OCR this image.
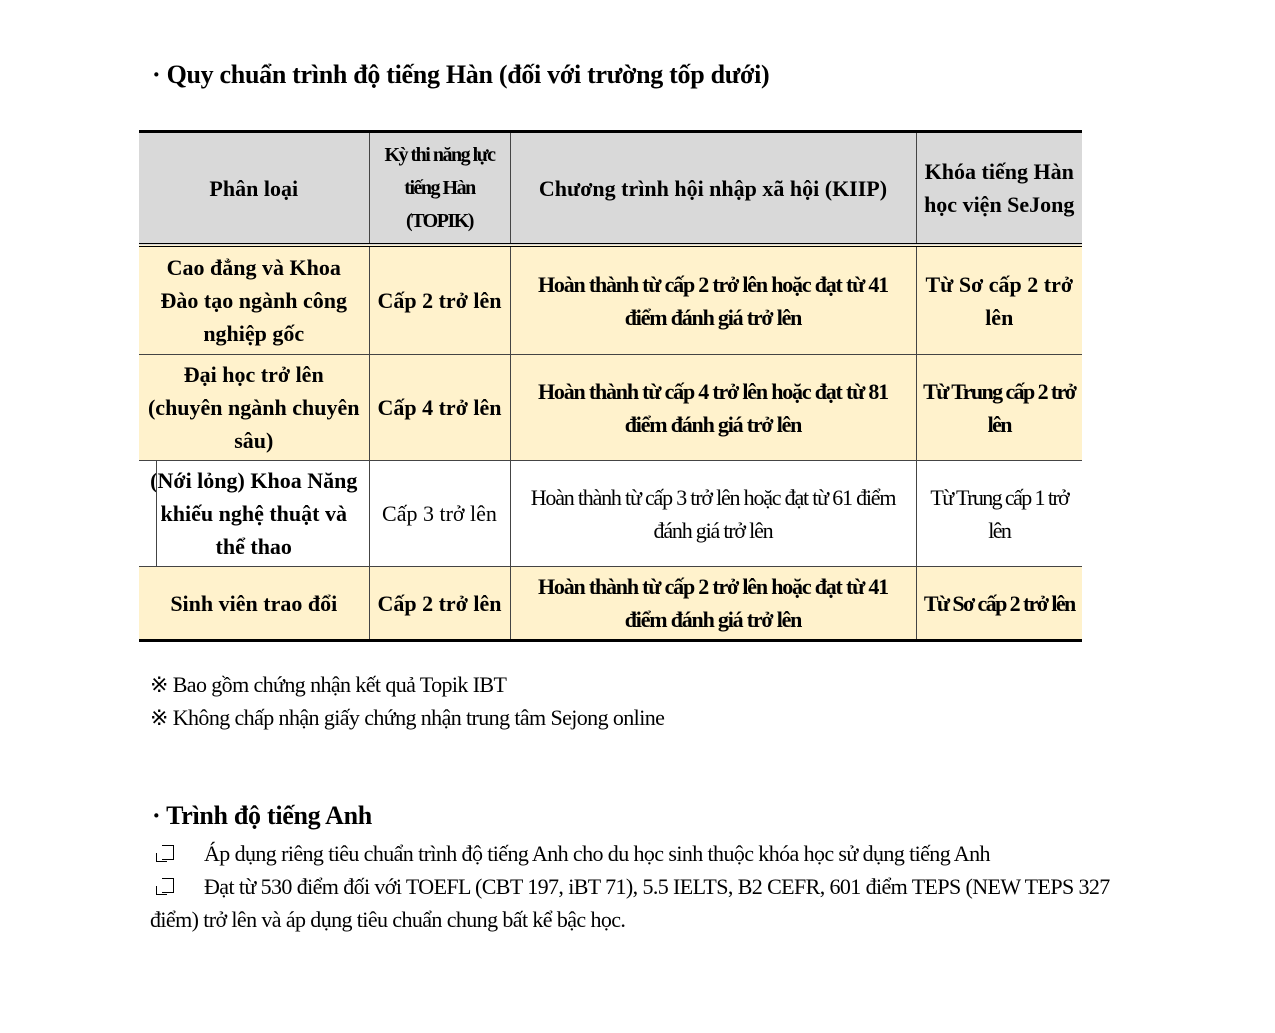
· Quy chuẩn trình độ tiếng Hàn (đối với trường tốp dưới)
Phân loại	Kỳ thi năng lực tiếng Hàn (TOPIK)	Chương trình hội nhập xã hội (KIIP)	Khóa tiếng Hàn học viện SeJong
Cao đẳng và Khoa Đào tạo ngành công nghiệp gốc	Cấp 2 trở lên	Hoàn thành từ cấp 2 trở lên hoặc đạt từ 41 điểm đánh giá trở lên	Từ Sơ cấp 2 trở lên
Đại học trở lên (chuyên ngành chuyên sâu)	Cấp 4 trở lên	Hoàn thành từ cấp 4 trở lên hoặc đạt từ 81 điểm đánh giá trở lên	Từ Trung cấp 2 trở lên

(Nới lỏng) Khoa Năng khiếu nghệ thuật và thể thao	Cấp 3 trở lên	Hoàn thành từ cấp 3 trở lên hoặc đạt từ 61 điểm đánh giá trở lên	Từ Trung cấp 1 trở lên
Sinh viên trao đổi	Cấp 2 trở lên	Hoàn thành từ cấp 2 trở lên hoặc đạt từ 41 điểm đánh giá trở lên	Từ Sơ cấp 2 trở lên

※ Bao gồm chứng nhận kết quả Topik IBT

※ Không chấp nhận giấy chứng nhận trung tâm Sejong online

· Trình độ tiếng Anh

Áp dụng riêng tiêu chuẩn trình độ tiếng Anh cho du học sinh thuộc khóa học sử dụng tiếng Anh

Đạt từ 530 điểm đối với TOEFL (CBT 197, iBT 71), 5.5 IELTS, B2 CEFR, 601 điểm TEPS (NEW TEPS 327 điểm) trở lên và áp dụng tiêu chuẩn chung bất kể bậc học.
